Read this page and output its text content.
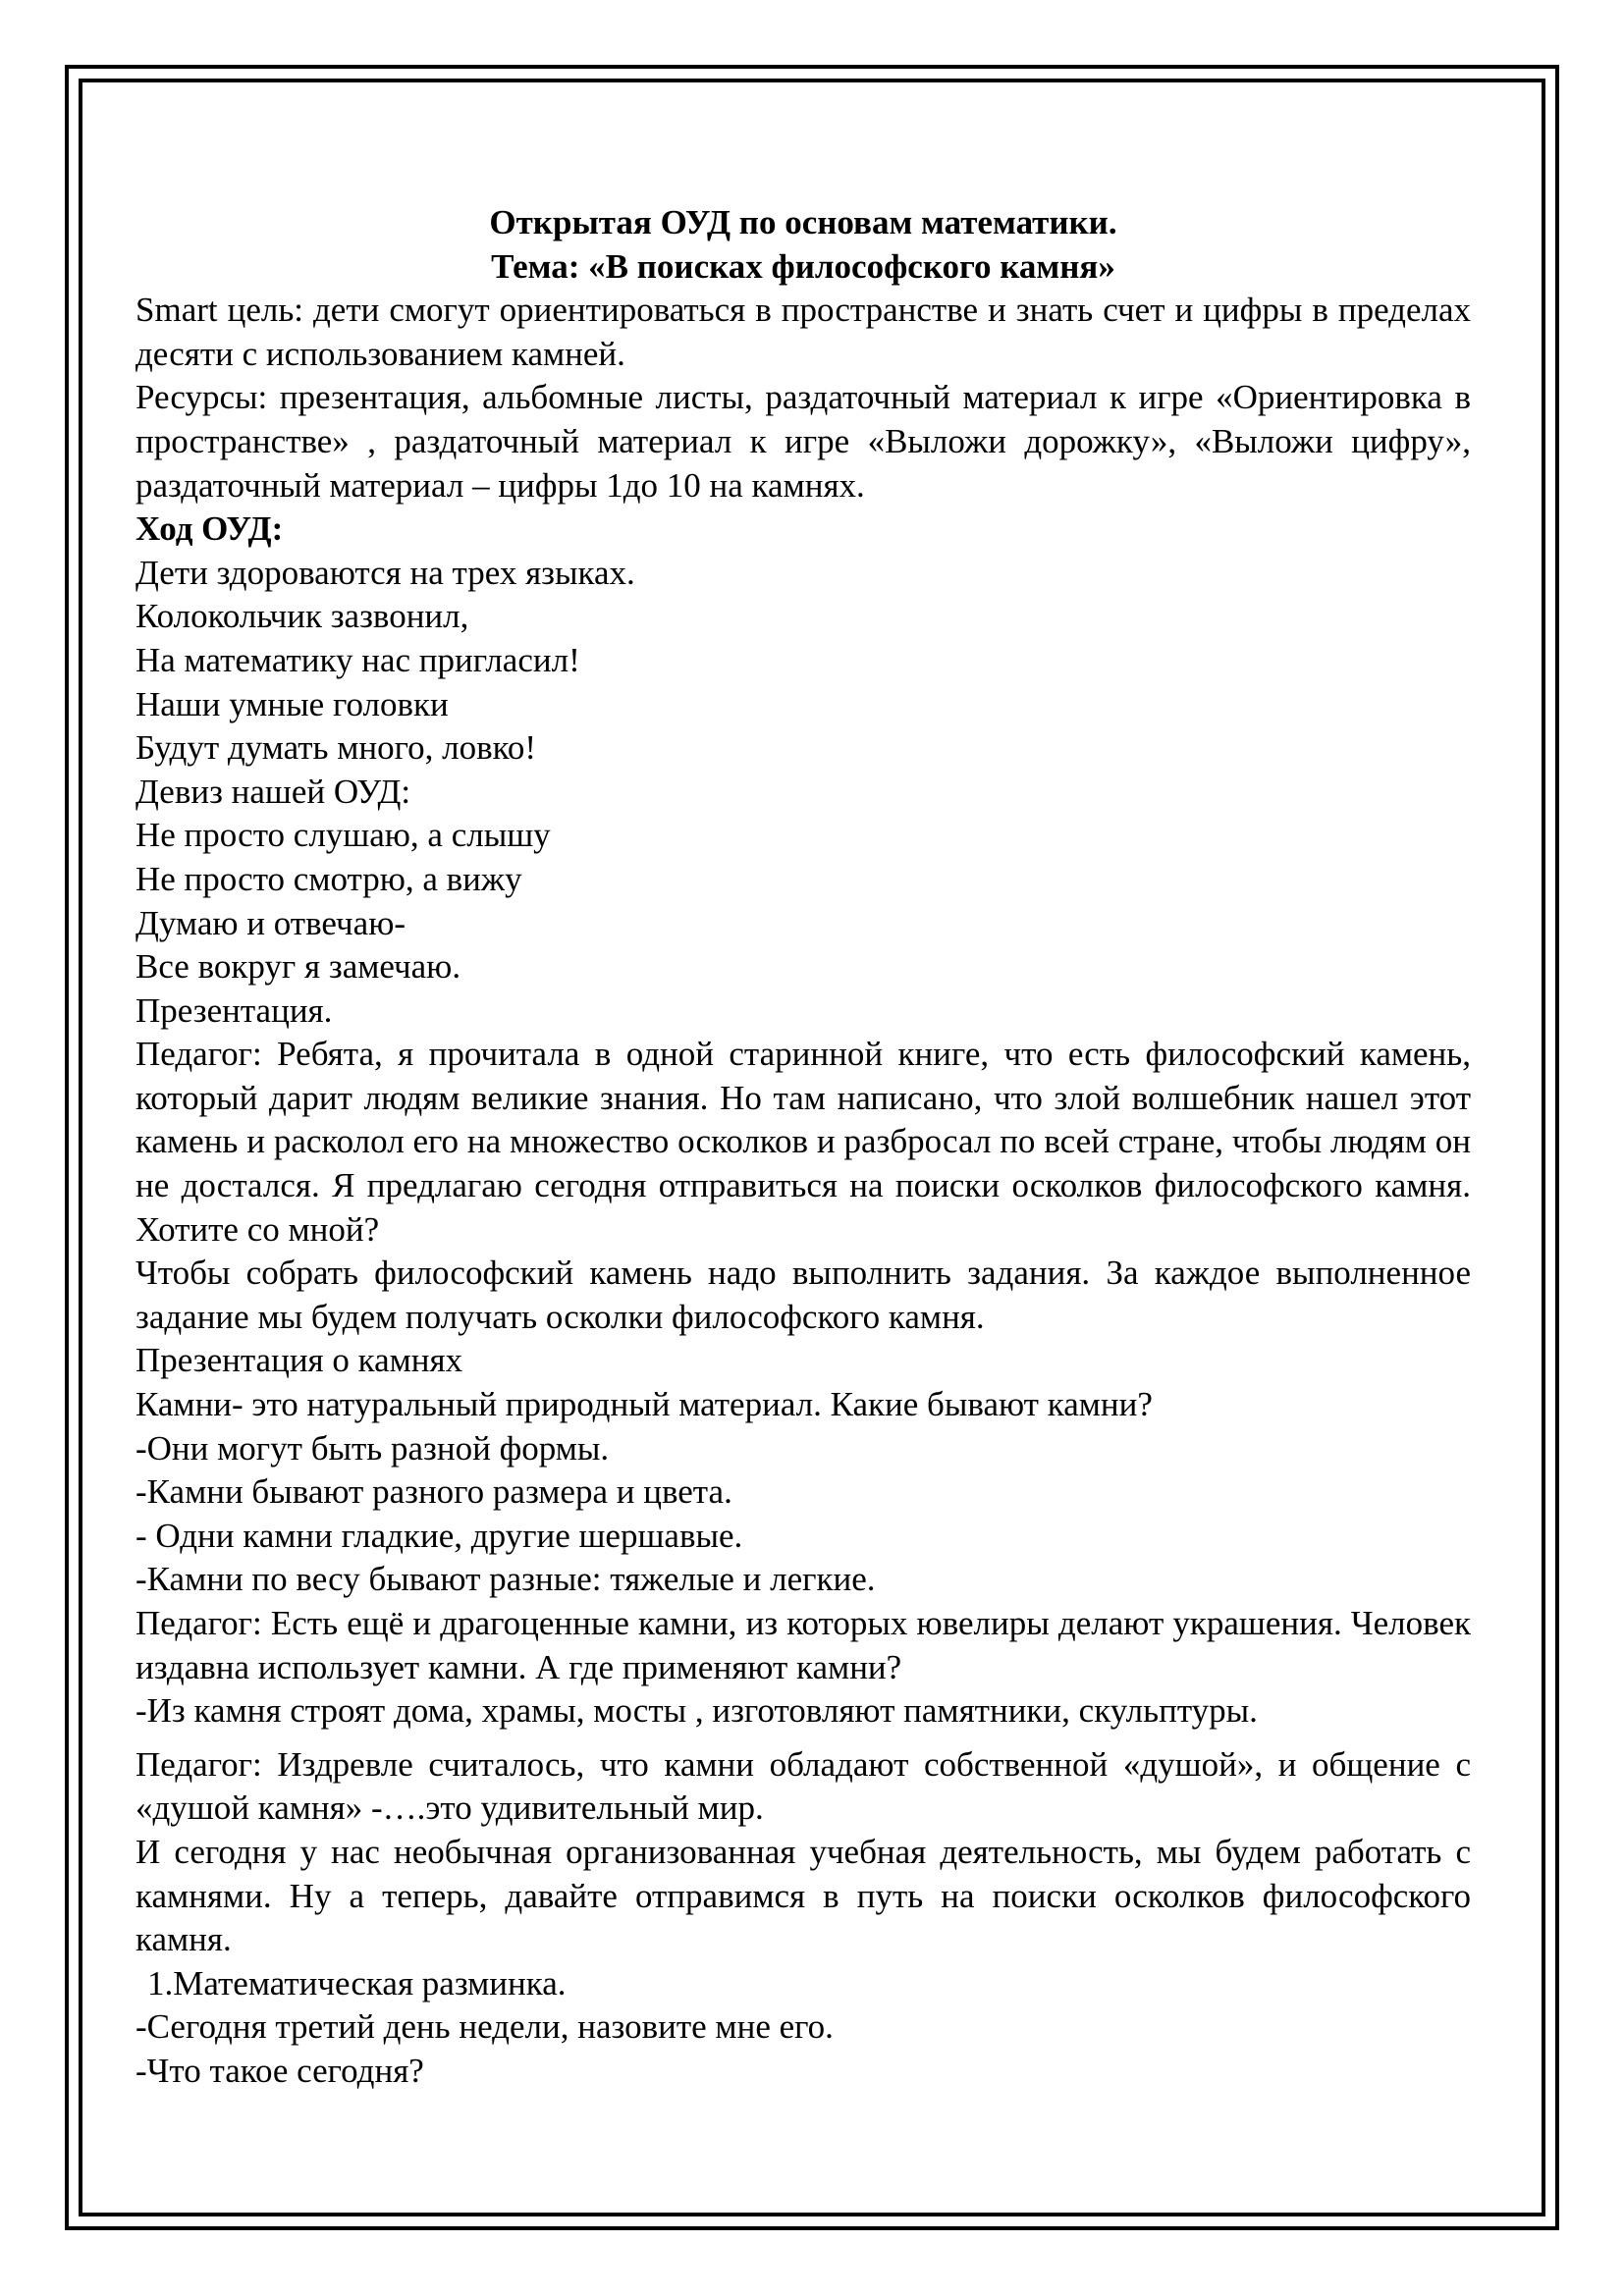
Открытая ОУД по основам математики.

Тема: «В поисках философского камня»

Smart цель: дети смогут ориентироваться в пространстве и знать счет и цифры в пределах десяти с использованием камней.

Ресурсы: презентация, альбомные листы, раздаточный материал к игре «Ориентировка в пространстве» , раздаточный материал к игре «Выложи дорожку», «Выложи цифру», раздаточный материал – цифры 1до 10 на камнях.

Ход ОУД:

Дети здороваются на трех языках.

Колокольчик зазвонил,

На математику нас пригласил!

Наши умные головки

Будут думать много, ловко!

Девиз нашей ОУД:

Не просто слушаю, а слышу

Не просто смотрю, а вижу

Думаю и отвечаю-

Все вокруг я замечаю.

Презентация.

Педагог: Ребята, я прочитала в одной старинной книге, что есть философский камень, который дарит людям великие знания. Но там написано, что злой волшебник нашел этот камень и расколол его на множество осколков и разбросал по всей стране, чтобы людям он не достался. Я предлагаю сегодня отправиться на поиски осколков философского камня. Хотите со мной?

Чтобы собрать философский камень надо выполнить задания. За каждое выполненное задание мы будем получать осколки философского камня.

Презентация о камнях

Камни- это натуральный природный материал. Какие бывают камни?

-Они могут быть разной формы.

-Камни бывают разного размера и цвета.

- Одни камни гладкие, другие шершавые.

-Камни по весу бывают разные: тяжелые и легкие.

Педагог: Есть ещё и драгоценные камни, из которых ювелиры делают украшения. Человек издавна использует камни. А где применяют камни?

-Из камня строят дома, храмы, мосты , изготовляют памятники, скульптуры.

Педагог: Издревле считалось, что камни обладают собственной «душой», и общение с «душой камня» -….это удивительный мир.

И сегодня у нас необычная организованная учебная деятельность, мы будем работать с камнями. Ну а теперь, давайте отправимся в путь на поиски осколков философского камня.

1.Математическая разминка.

-Сегодня третий день недели, назовите мне его.

-Что такое сегодня?
